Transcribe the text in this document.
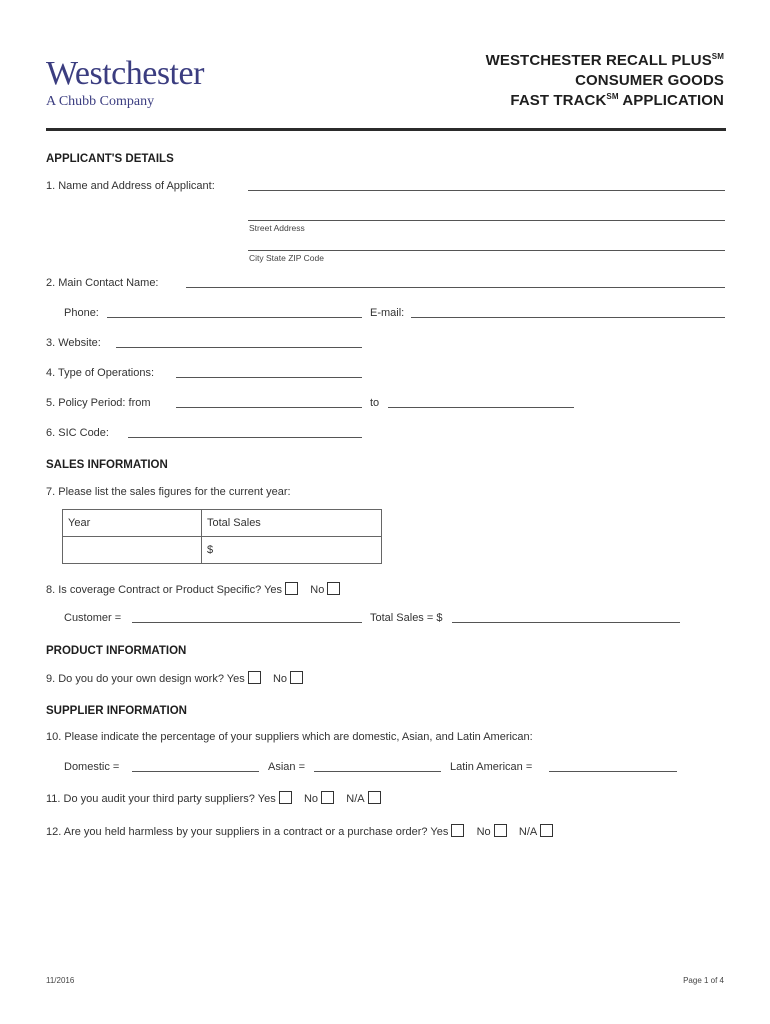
Westchester
A Chubb Company
WESTCHESTER RECALL PLUS℠
CONSUMER GOODS
FAST TRACK℠ APPLICATION
APPLICANT'S DETAILS
1. Name and Address of Applicant:
Street Address
City State ZIP Code
2. Main Contact Name:
Phone:	E-mail:
3. Website:
4. Type of Operations:
5. Policy Period: from	to
6. SIC Code:
SALES INFORMATION
7. Please list the sales figures for the current year:
Year	Total Sales
	$
8. Is coverage Contract or Product Specific? Yes	No
Customer =	Total Sales = $
PRODUCT INFORMATION
9. Do you do your own design work? Yes	No
SUPPLIER INFORMATION
10. Please indicate the percentage of your suppliers which are domestic, Asian, and Latin American:
Domestic =	Asian =	Latin American =
11. Do you audit your third party suppliers? Yes	No	N/A
12. Are you held harmless by your suppliers in a contract or a purchase order? Yes	No	N/A
11/2016	Page 1 of 4
